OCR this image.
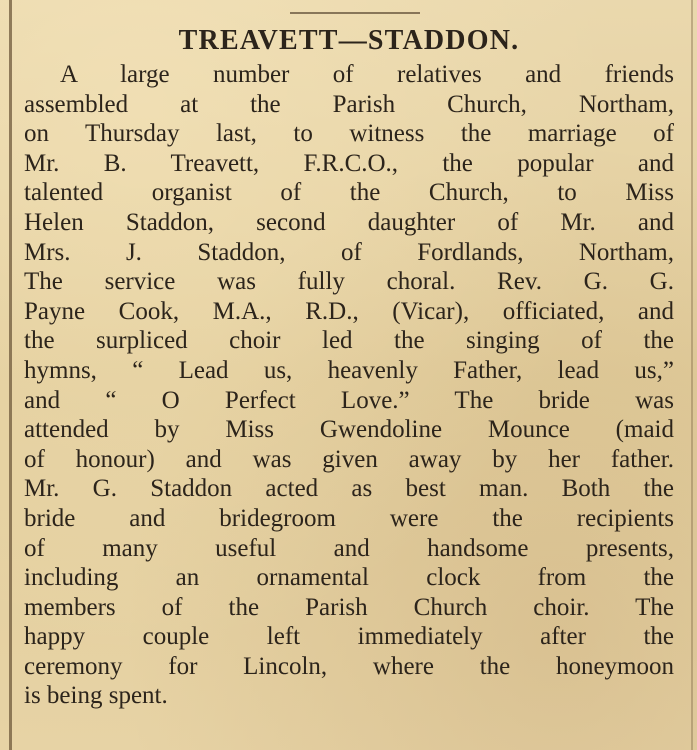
TREAVETT—STADDON.

A large number of relatives and friends
assembled at the Parish Church, Northam,
on Thursday last, to witness the marriage of
Mr. B. Treavett, F.R.C.O., the popular and
talented organist of the Church, to Miss
Helen Staddon, second daughter of Mr. and
Mrs. J. Staddon, of Fordlands, Northam,
The service was fully choral. Rev. G. G.
Payne Cook, M.A., R.D., (Vicar), officiated, and
the surpliced choir led the singing of the
hymns, “ Lead us, heavenly Father, lead us,”
and “ O Perfect Love.” The bride was
attended by Miss Gwendoline Mounce (maid
of honour) and was given away by her father.
Mr. G. Staddon acted as best man. Both the
bride and bridegroom were the recipients
of many useful and handsome presents,
including an ornamental clock from the
members of the Parish Church choir. The
happy couple left immediately after the
ceremony for Lincoln, where the honeymoon
is being spent.
